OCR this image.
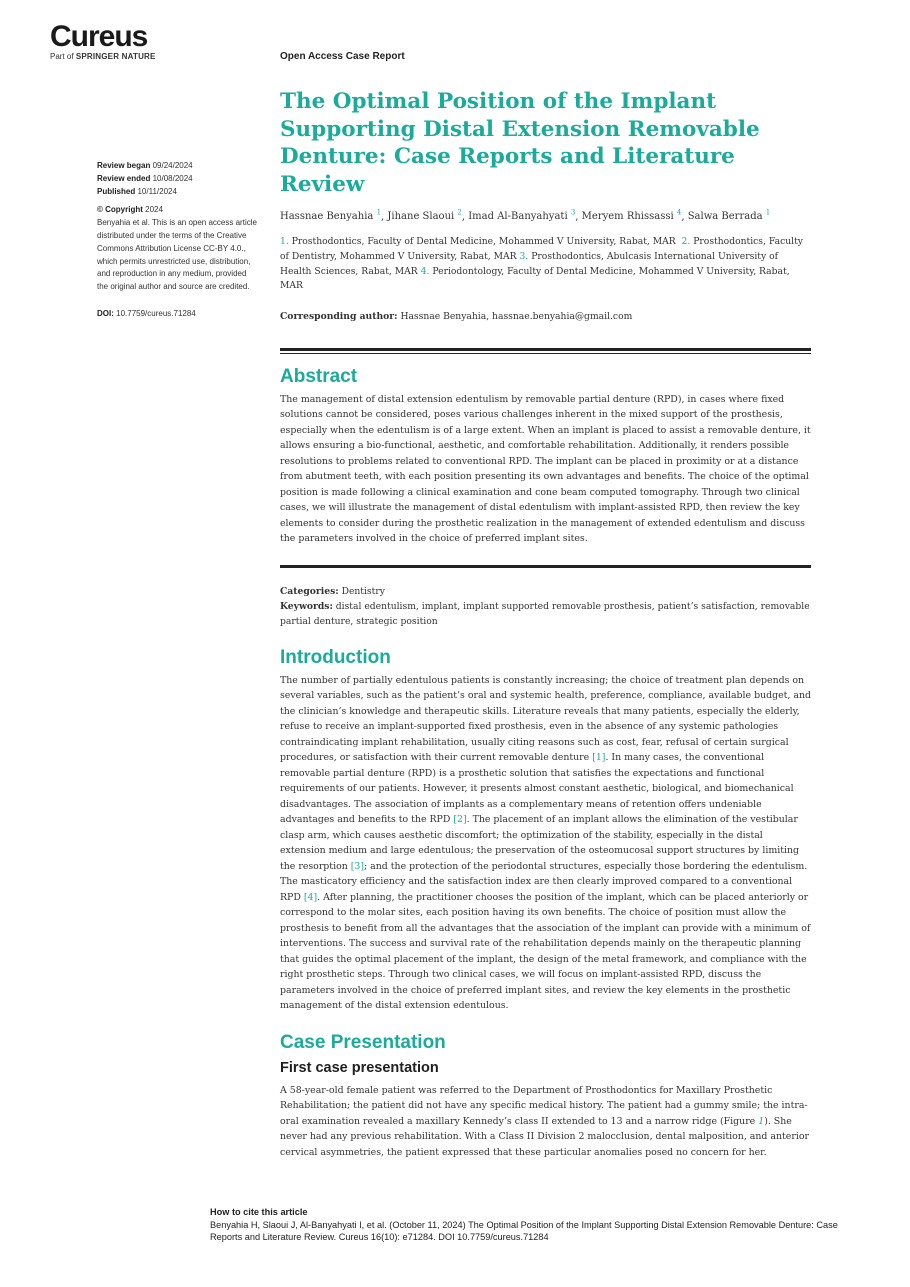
Cureus
Part of SPRINGER NATURE	Open Access Case Report
Review began 09/24/2024
Review ended 10/08/2024
Published 10/11/2024
© Copyright 2024
Benyahia et al. This is an open access article distributed under the terms of the Creative Commons Attribution License CC-BY 4.0., which permits unrestricted use, distribution, and reproduction in any medium, provided the original author and source are credited.
DOI: 10.7759/cureus.71284
The Optimal Position of the Implant Supporting Distal Extension Removable Denture: Case Reports and Literature Review
Hassnae Benyahia $^1$, Jihane Slaoui $^2$, Imad Al-Banyahyati $^3$, Meryem Rhissassi $^4$, Salwa Berrada $^1$
1. Prosthodontics, Faculty of Dental Medicine, Mohammed V University, Rabat, MAR 2. Prosthodontics, Faculty of Dentistry, Mohammed V University, Rabat, MAR 3. Prosthodontics, Abulcasis International University of Health Sciences, Rabat, MAR 4. Periodontology, Faculty of Dental Medicine, Mohammed V University, Rabat, MAR
Corresponding author: Hassnae Benyahia, hassnae.benyahia@gmail.com
Abstract

The management of distal extension edentulism by removable partial denture (RPD), in cases where fixed solutions cannot be considered, poses various challenges inherent in the mixed support of the prosthesis, especially when the edentulism is of a large extent. When an implant is placed to assist a removable denture, it allows ensuring a bio-functional, aesthetic, and comfortable rehabilitation. Additionally, it renders possible resolutions to problems related to conventional RPD. The implant can be placed in proximity or at a distance from abutment teeth, with each position presenting its own advantages and benefits. The choice of the optimal position is made following a clinical examination and cone beam computed tomography. Through two clinical cases, we will illustrate the management of distal edentulism with implant-assisted RPD, then review the key elements to consider during the prosthetic realization in the management of extended edentulism and discuss the parameters involved in the choice of preferred implant sites.

Categories: Dentistry
Keywords: distal edentulism, implant, implant supported removable prosthesis, patient’s satisfaction, removable partial denture, strategic position
Introduction

The number of partially edentulous patients is constantly increasing; the choice of treatment plan depends on several variables, such as the patient’s oral and systemic health, preference, compliance, available budget, and the clinician’s knowledge and therapeutic skills. Literature reveals that many patients, especially the elderly, refuse to receive an implant-supported fixed prosthesis, even in the absence of any systemic pathologies contraindicating implant rehabilitation, usually citing reasons such as cost, fear, refusal of certain surgical procedures, or satisfaction with their current removable denture [1]. In many cases, the conventional removable partial denture (RPD) is a prosthetic solution that satisfies the expectations and functional requirements of our patients. However, it presents almost constant aesthetic, biological, and biomechanical disadvantages. The association of implants as a complementary means of retention offers undeniable advantages and benefits to the RPD [2]. The placement of an implant allows the elimination of the vestibular clasp arm, which causes aesthetic discomfort; the optimization of the stability, especially in the distal extension medium and large edentulous; the preservation of the osteomucosal support structures by limiting the resorption [3]; and the protection of the periodontal structures, especially those bordering the edentulism. The masticatory efficiency and the satisfaction index are then clearly improved compared to a conventional RPD [4]. After planning, the practitioner chooses the position of the implant, which can be placed anteriorly or correspond to the molar sites, each position having its own benefits. The choice of position must allow the prosthesis to benefit from all the advantages that the association of the implant can provide with a minimum of interventions. The success and survival rate of the rehabilitation depends mainly on the therapeutic planning that guides the optimal placement of the implant, the design of the metal framework, and compliance with the right prosthetic steps. Through two clinical cases, we will focus on implant-assisted RPD, discuss the parameters involved in the choice of preferred implant sites, and review the key elements in the prosthetic management of the distal extension edentulous.

Case Presentation
First case presentation

A 58-year-old female patient was referred to the Department of Prosthodontics for Maxillary Prosthetic Rehabilitation; the patient did not have any specific medical history. The patient had a gummy smile; the intra-oral examination revealed a maxillary Kennedy’s class II extended to 13 and a narrow ridge (Figure 1). She never had any previous rehabilitation. With a Class II Division 2 malocclusion, dental malposition, and anterior cervical asymmetries, the patient expressed that these particular anomalies posed no concern for her.

How to cite this article
Benyahia H, Slaoui J, Al-Banyahyati I, et al. (October 11, 2024) The Optimal Position of the Implant Supporting Distal Extension Removable Denture: Case Reports and Literature Review. Cureus 16(10): e71284. DOI 10.7759/cureus.71284
